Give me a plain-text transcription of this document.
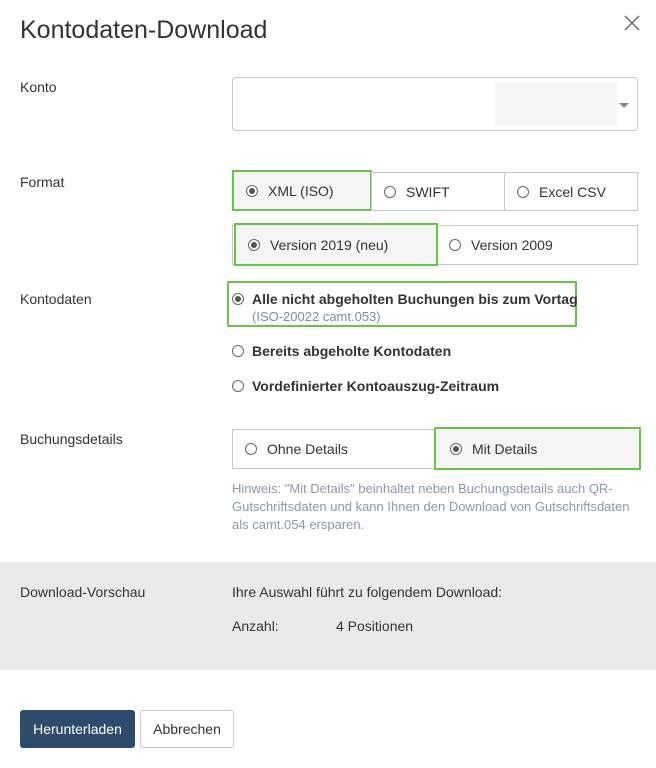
Kontodaten-Download
Konto
Format
XML (ISO)	SWIFT	Excel CSV
Version 2019 (neu)	Version 2009
Kontodaten	Alle nicht abgeholten Buchungen bis zum Vortag
(ISO-20022 camt.053)
Bereits abgeholte Kontodaten
Vordefinierter Kontoauszug-Zeitraum
Buchungsdetails
Ohne Details	Mit Details
Hinweis: "Mit Details" beinhaltet neben Buchungsdetails auch QR-Gutschriftsdaten und kann Ihnen den Download von Gutschriftsdaten als camt.054 ersparen.
Download-Vorschau	Ihre Auswahl führt zu folgendem Download:
Anzahl:	4 Positionen
Herunterladen	Abbrechen
